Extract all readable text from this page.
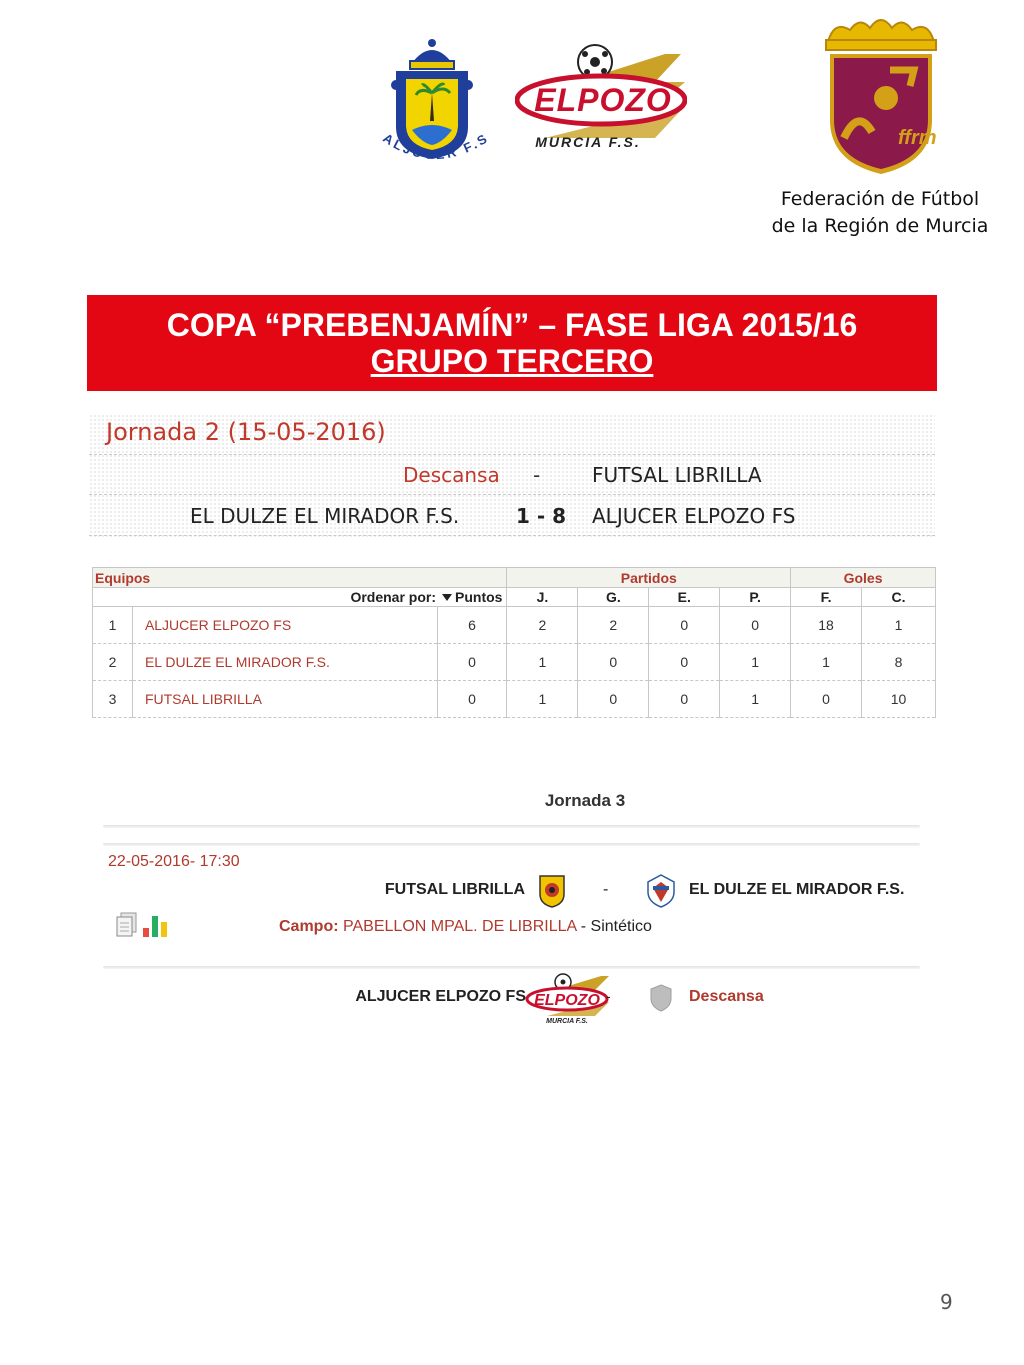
ALJUCER F.S
ELPOZO
MURCIA F.S.	ffrm
Federación de Fútbol
de la Región de Murcia
COPA “PREBENJAMÍN” – FASE LIGA 2015/16
GRUPO TERCERO
Jornada 2 (15-05-2016)
Descansa -	FUTSAL LIBRILLA
EL DULZE EL MIRADOR F.S.	1 - 8 ALJUCER ELPOZO FS
Equipos			Partidos				Goles	
Ordenar por: Puntos			J.	G.	E.	P.	F.	C.
1	ALJUCER ELPOZO FS	6	2	2	0	0	18	1
2	EL DULZE EL MIRADOR F.S.	0	1	0	0	1	1	8
3	FUTSAL LIBRILLA	0	1	0	0	1	0	10
Jornada 3
22-05-2016- 17:30
FUTSAL LIBRILLA	-	EL DULZE EL MIRADOR F.S.
Campo: PABELLON MPAL. DE LIBRILLA - Sintético
ALJUCER ELPOZO FS ELPOZO
MURCIA F.S.
-	Descansa
9
